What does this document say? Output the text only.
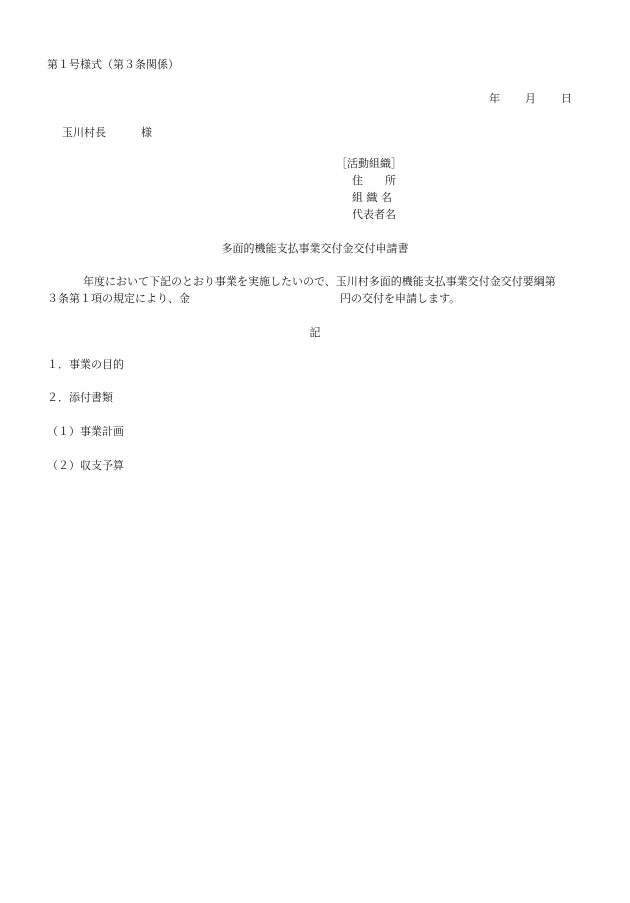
第１号様式（第３条関係）
年 月 日
玉川村長	様
［活動組織］
住　　所
組 織 名
代表者名
多面的機能支払事業交付金交付申請書
年度において下記のとおり事業を実施したいので、玉川村多面的機能支払事業交付金交付要綱第
３条第１項の規定により、金	円の交付を申請します。
記
１．事業の目的
２．添付書類
（１）事業計画
（２）収支予算
